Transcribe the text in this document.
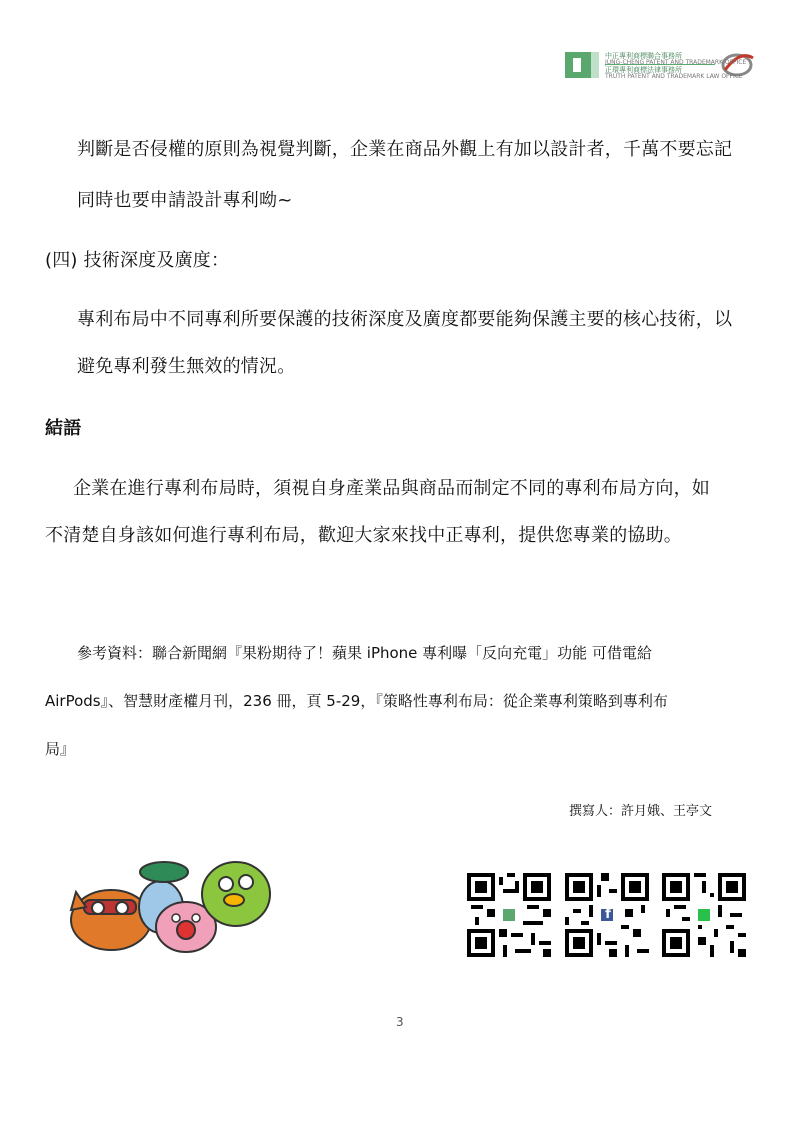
中正專利商標聯合事務所
JUNG-CHENG PATENT AND TRADEMARK OFFICE
正環專利商標法律事務所
TRUTH PATENT AND TRADEMARK LAW OFFICE
判斷是否侵權的原則為視覺判斷，企業在商品外觀上有加以設計者，千萬不要忘記
同時也要申請設計專利呦~
(四) 技術深度及廣度：
專利布局中不同專利所要保護的技術深度及廣度都要能夠保護主要的核心技術，以
避免專利發生無效的情況。
結語
企業在進行專利布局時，須視自身產業品與商品而制定不同的專利布局方向，如
不清楚自身該如何進行專利布局，歡迎大家來找中正專利，提供您專業的協助。
參考資料：聯合新聞網『果粉期待了！蘋果 iPhone 專利曝「反向充電」功能 可借電給
AirPods』、智慧財產權月刊，236 冊，頁 5-29，『策略性專利布局：從企業專利策略到專利布
局』
撰寫人：許月娥、王亭文
f
3
